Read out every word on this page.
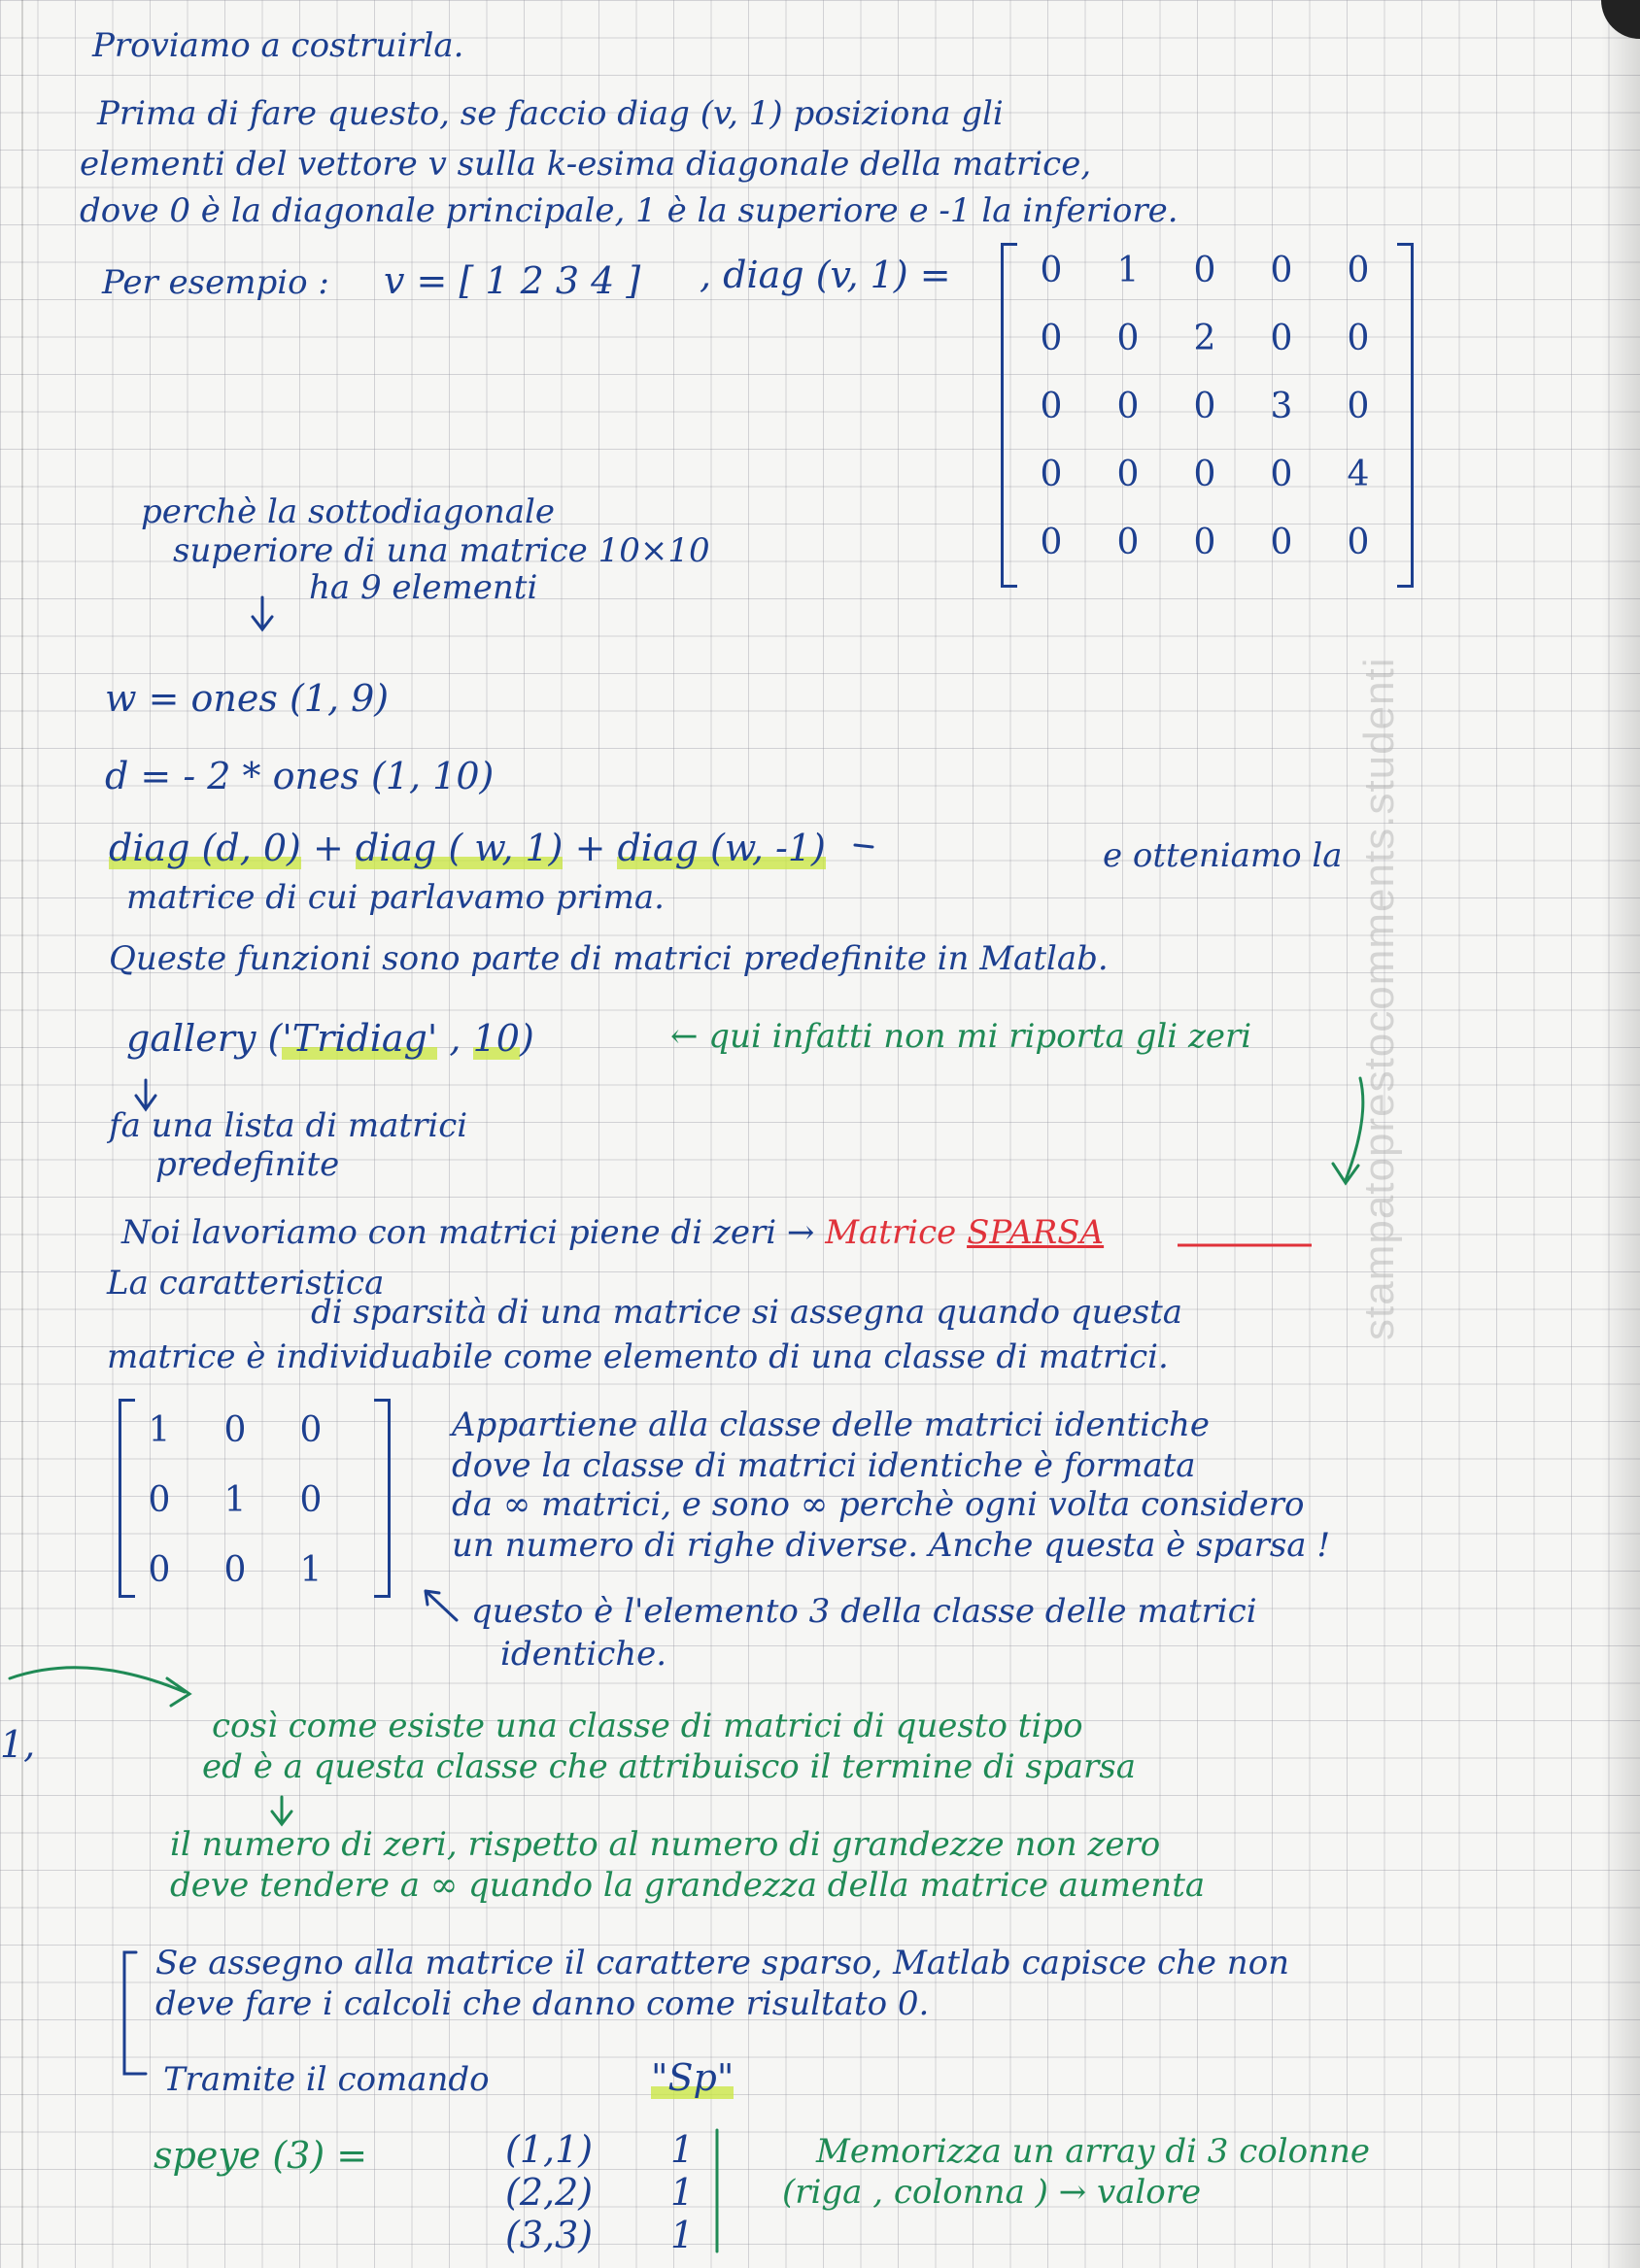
Proviamo a costruirla.
Prima di fare questo, se faccio diag (v, 1) posiziona gli
elementi del vettore v sulla k-esima diagonale della matrice,
dove 0 è la diagonale principale, 1 è la superiore e -1 la inferiore.
Per esempio : v = [ 1 2 3 4 ] , diag (v, 1) =	0	1	0	0	0
0	0	2	0	0
0	0	0	3	0
0	0	0	0	4
0	0	0	0	0
perchè la sottodiagonale
superiore di una matrice 10×10
ha 9 elementi
w = ones (1, 9)
d = - 2 * ones (1, 10)
diag (d, 0) + diag ( w, 1) + diag (w, -1)	e otteniamo la
matrice di cui parlavamo prima.
Queste funzioni sono parte di matrici predefinite in Matlab.
gallery ('Tridiag' , 10)	← qui infatti non mi riporta gli zeri
fa una lista di matrici
predefinite
Noi lavoriamo con matrici piene di zeri → Matrice SPARSA
La caratteristica
di sparsità di una matrice si assegna quando questa
matrice è individuabile come elemento di una classe di matrici.
1	0	0
0	1	0
0	0	1
Appartiene alla classe delle matrici identiche
dove la classe di matrici identiche è formata
da ∞ matrici, e sono ∞ perchè ogni volta considero
un numero di righe diverse. Anche questa è sparsa !
questo è l'elemento 3 della classe delle matrici
identiche.
1,	così come esiste una classe di matrici di questo tipo
ed è a questa classe che attribuisco il termine di sparsa
il numero di zeri, rispetto al numero di grandezze non zero
deve tendere a ∞ quando la grandezza della matrice aumenta
Se assegno alla matrice il carattere sparso, Matlab capisce che non
deve fare i calcoli che danno come risultato 0.
Tramite il comando	"Sp"
speye (3) =	(1,1) 1
(2,2) 1
(3,3) 1
Memorizza un array di 3 colonne
(riga , colonna ) → valore
stampatoprestocomments.studenti
